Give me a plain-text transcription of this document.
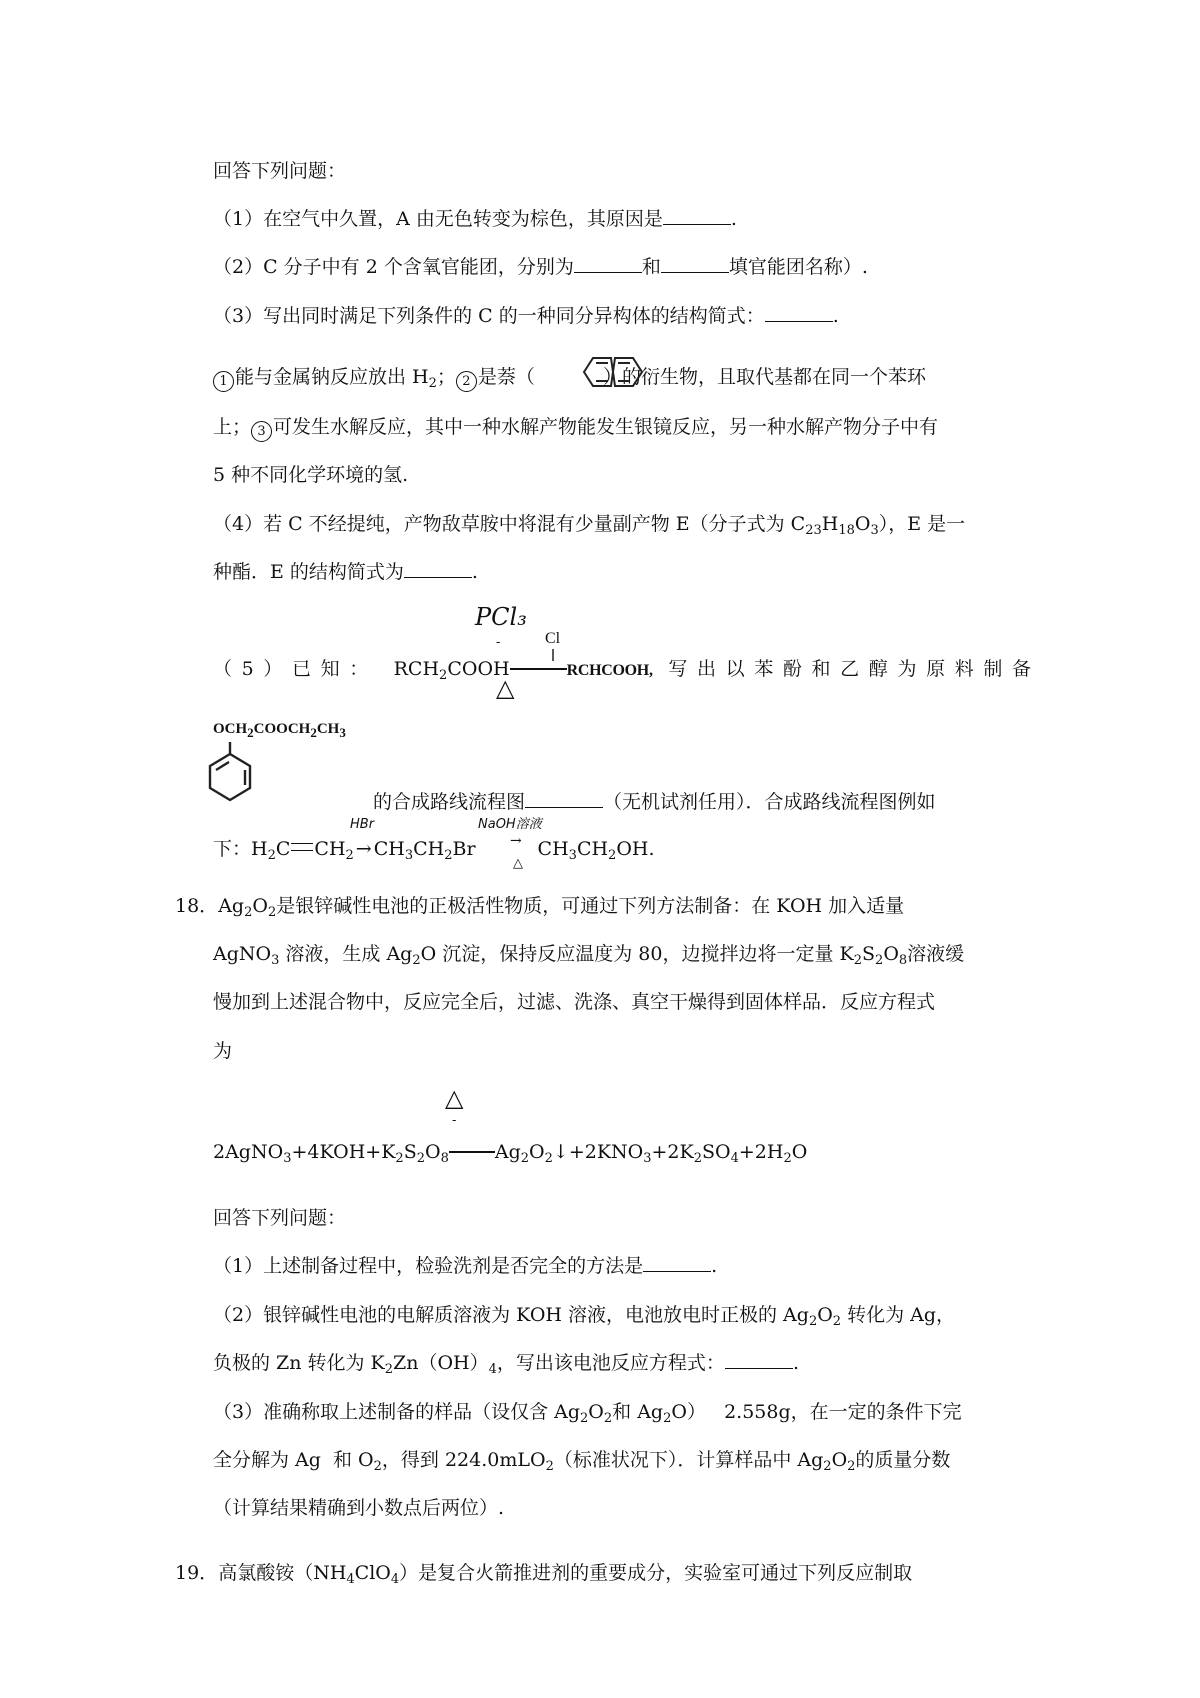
回答下列问题：
（1）在空气中久置，A 由无色转变为棕色，其原因是	.
（2）C 分子中有 2 个含氧官能团，分别为	和	填官能团名称）.
（3）写出同时满足下列条件的 C 的一种同分异构体的结构简式：	.
1 能与金属钠反应放出 $H_2$； 2 是萘（	）的衍生物，且取代基都在同一个苯环
上； 3 可发生水解反应，其中一种水解产物能发生银镜反应，另一种水解产物分子中有
5 种不同化学环境的氢.
（4）若 C 不经提纯，产物敌草胺中将混有少量副产物 E（分子式为 $C_{23}H_{18}O_3$），E 是一
种酯．E 的结构简式为	.
PCl₃
-	Cl
（5）已知： $RCH_2COOH$	RCHCOOH, 写出以苯酚和乙醇为原料制备
△
$OCH_2COOCH_2CH_3$
的合成路线流程图	（无机试剂任用）．合成路线流程图例如
HBr	NaOH溶液
下：$H_2C$ $CH_2 \to CH_3CH_2Br$	$CH_3CH_2OH$.
→
△
18．$Ag_2O_2$是银锌碱性电池的正极活性物质，可通过下列方法制备：在 KOH 加入适量
AgNO$_3$ 溶液，生成 $Ag_2O$ 沉淀，保持反应温度为 80，边搅拌边将一定量 $K_2S_2O_8$溶液缓
慢加到上述混合物中，反应完全后，过滤、洗涤、真空干燥得到固体样品．反应方程式
为
△
-
$2AgNO_3+4KOH+K_2S_2O_8$ $Ag_2O_2↓+2KNO_3+2K_2SO_4+2H_2O$
回答下列问题：
（1）上述制备过程中，检验洗剂是否完全的方法是	.
（2）银锌碱性电池的电解质溶液为 KOH 溶液，电池放电时正极的 $Ag_2O_2$ 转化为 Ag，
负极的 Zn 转化为 $K_2Zn(OH)_4$，写出该电池反应方程式：	.
（3）准确称取上述制备的样品（设仅含 $Ag_2O_2$和 $Ag_2O$）   2.558g，在一定的条件下完
全分解为 Ag  和 $O_2$，得到 224.0mLO$_2$（标准状况下）．计算样品中 $Ag_2O_2$的质量分数
（计算结果精确到小数点后两位）.
19．高氯酸铵$(NH_4ClO_4)$是复合火箭推进剂的重要成分，实验室可通过下列反应制取
